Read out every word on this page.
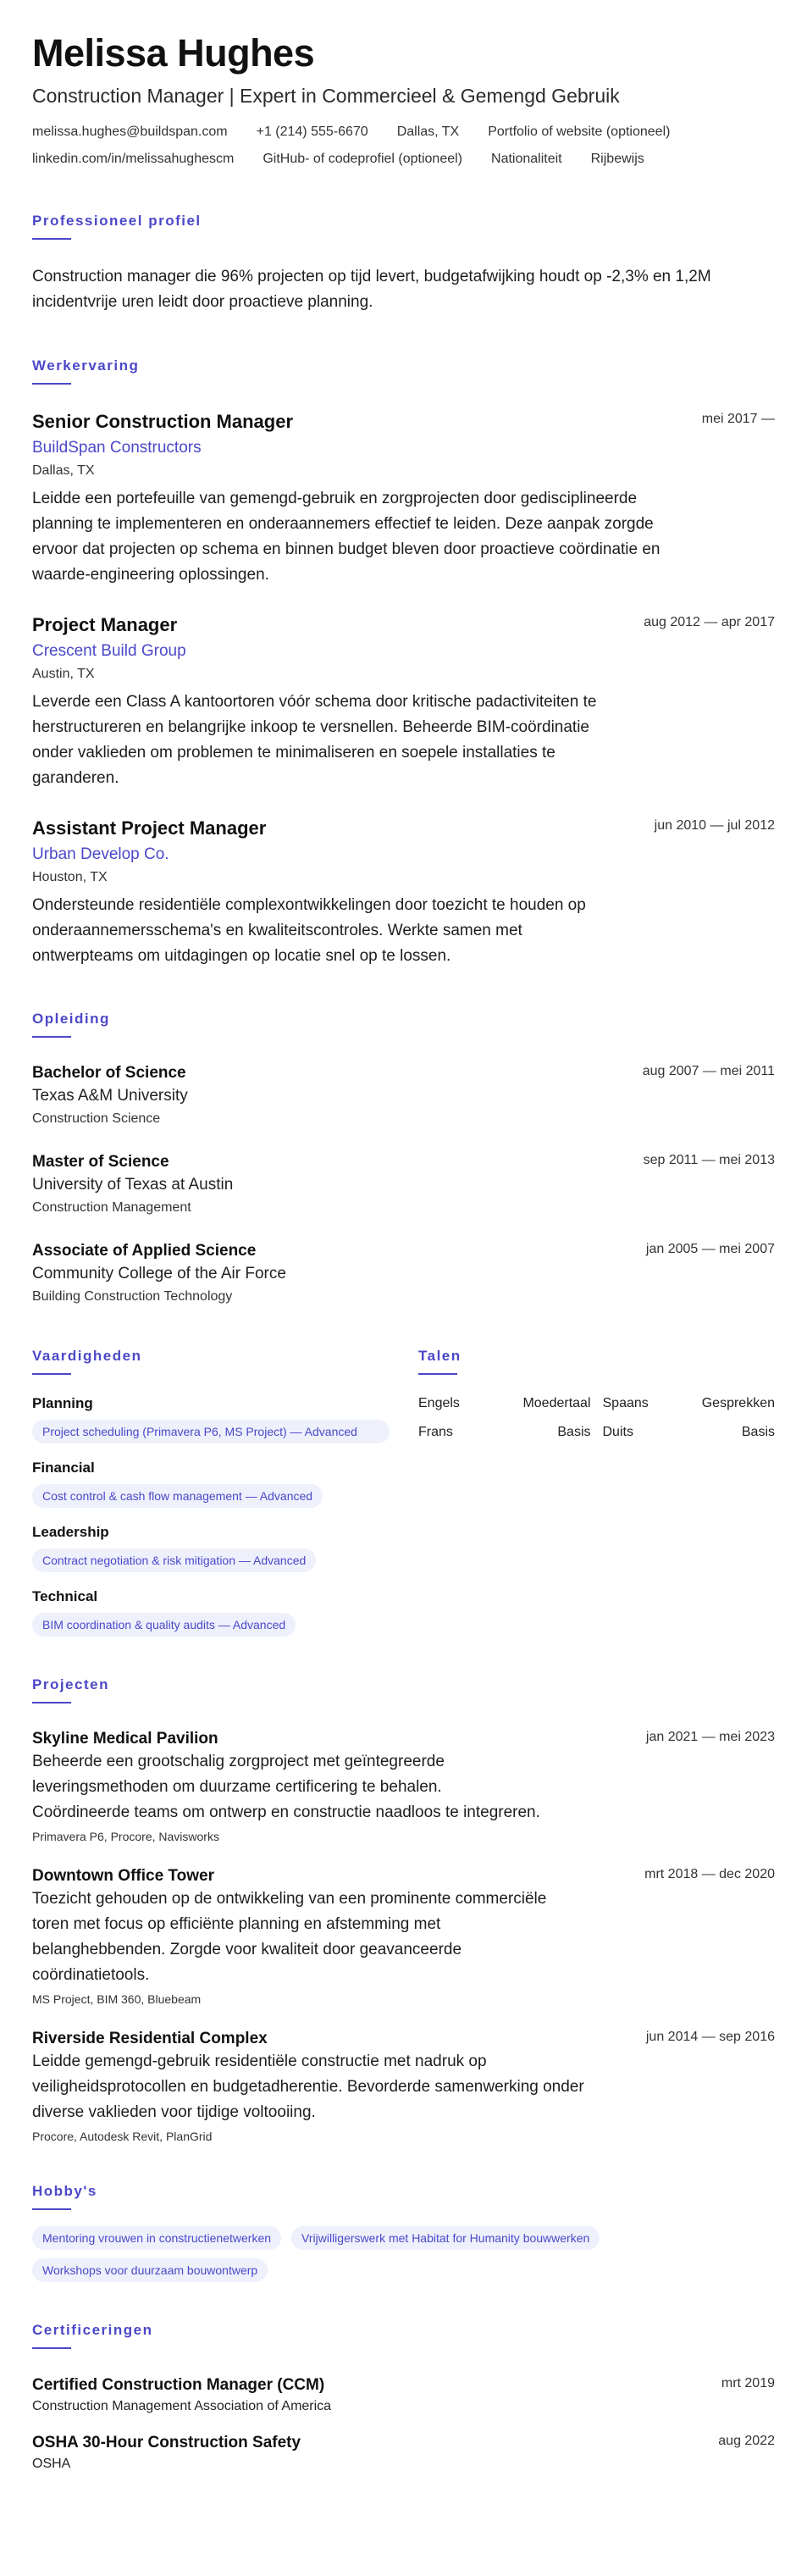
Melissa Hughes
Construction Manager | Expert in Commercieel & Gemengd Gebruik
melissa.hughes@buildspan.com +1 (214) 555-6670 Dallas, TX Portfolio of website (optioneel)
linkedin.com/in/melissahughescm GitHub- of codeprofiel (optioneel) Nationaliteit Rijbewijs
Professioneel profiel

Construction manager die 96% projecten op tijd levert, budgetafwijking houdt op -2,3% en 1,2M incidentvrije uren leidt door proactieve planning.

Werkervaring
Senior Construction Manager	mei 2017 —
BuildSpan Constructors
Dallas, TX

Leidde een portefeuille van gemengd-gebruik en zorgprojecten door gedisciplineerde planning te implementeren en onderaannemers effectief te leiden. Deze aanpak zorgde ervoor dat projecten op schema en binnen budget bleven door proactieve coördinatie en waarde-engineering oplossingen.

Project Manager	aug 2012 — apr 2017
Crescent Build Group
Austin, TX

Leverde een Class A kantoortoren vóór schema door kritische padactiviteiten te herstructureren en belangrijke inkoop te versnellen. Beheerde BIM-coördinatie onder vaklieden om problemen te minimaliseren en soepele installaties te garanderen.

Assistant Project Manager	jun 2010 — jul 2012
Urban Develop Co.
Houston, TX

Ondersteunde residentiële complexontwikkelingen door toezicht te houden op onderaannemersschema's en kwaliteitscontroles. Werkte samen met ontwerpteams om uitdagingen op locatie snel op te lossen.

Opleiding
Bachelor of Science	aug 2007 — mei 2011
Texas A&M University
Construction Science
Master of Science	sep 2011 — mei 2013
University of Texas at Austin
Construction Management
Associate of Applied Science	jan 2005 — mei 2007
Community College of the Air Force
Building Construction Technology
Vaardigheden
Planning
Project scheduling (Primavera P6, MS Project) — Advanced
Financial
Cost control & cash flow management — Advanced
Leadership
Contract negotiation & risk mitigation — Advanced
Technical
BIM coordination & quality audits — Advanced
Talen
Engels	Moedertaal Spaans	Gesprekken
Frans	Basis Duits	Basis
Projecten
Skyline Medical Pavilion	jan 2021 — mei 2023

Beheerde een grootschalig zorgproject met geïntegreerde leveringsmethoden om duurzame certificering te behalen. Coördineerde teams om ontwerp en constructie naadloos te integreren.

Primavera P6, Procore, Navisworks
Downtown Office Tower	mrt 2018 — dec 2020

Toezicht gehouden op de ontwikkeling van een prominente commerciële toren met focus op efficiënte planning en afstemming met belanghebbenden. Zorgde voor kwaliteit door geavanceerde coördinatietools.

MS Project, BIM 360, Bluebeam
Riverside Residential Complex	jun 2014 — sep 2016

Leidde gemengd-gebruik residentiële constructie met nadruk op veiligheidsprotocollen en budgetadherentie. Bevorderde samenwerking onder diverse vaklieden voor tijdige voltooiing.

Procore, Autodesk Revit, PlanGrid
Hobby's
Mentoring vrouwen in constructienetwerken	Vrijwilligerswerk met Habitat for Humanity bouwwerken
Workshops voor duurzaam bouwontwerp
Certificeringen
Certified Construction Manager (CCM)	mrt 2019
Construction Management Association of America
OSHA 30-Hour Construction Safety	aug 2022
OSHA
